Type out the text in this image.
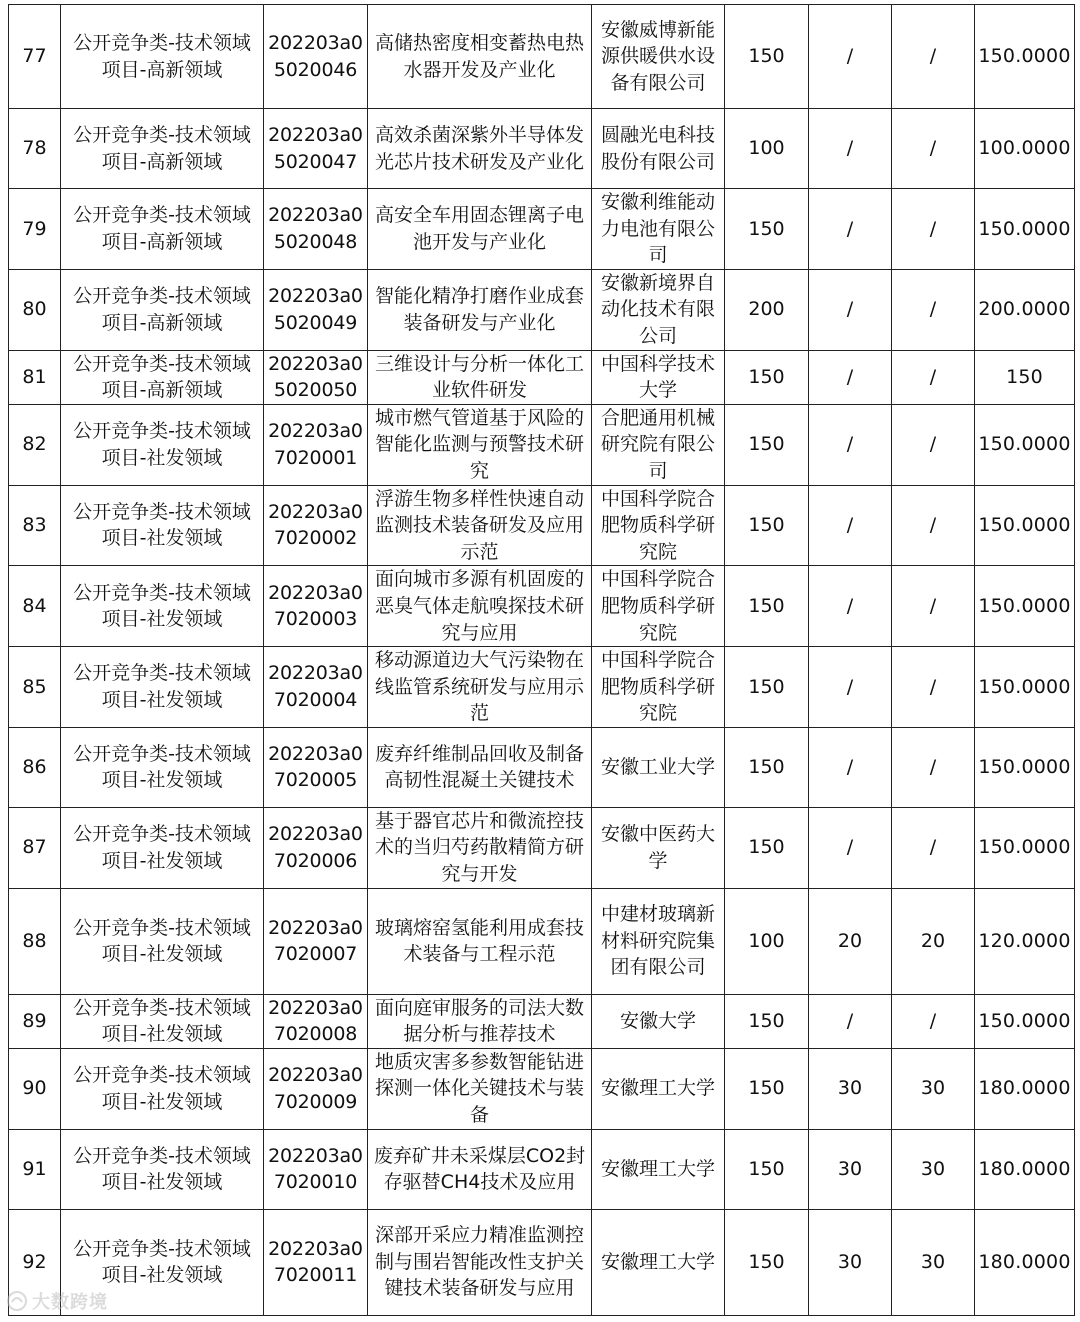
77	公开竞争类-技术领域项目-高新领域	202203a05020046	高储热密度相变蓄热电热水器开发及产业化	安徽威博新能源供暖供水设备有限公司	150	/	/	150.0000
78	公开竞争类-技术领域项目-高新领域	202203a05020047	高效杀菌深紫外半导体发光芯片技术研发及产业化	圆融光电科技股份有限公司	100	/	/	100.0000
79	公开竞争类-技术领域项目-高新领域	202203a05020048	高安全车用固态锂离子电池开发与产业化	安徽利维能动力电池有限公司	150	/	/	150.0000
80	公开竞争类-技术领域项目-高新领域	202203a05020049	智能化精净打磨作业成套装备研发与产业化	安徽新境界自动化技术有限公司	200	/	/	200.0000
81	公开竞争类-技术领域项目-高新领域	202203a05020050	三维设计与分析一体化工业软件研发	中国科学技术大学	150	/	/	150
82	公开竞争类-技术领域项目-社发领域	202203a07020001	城市燃气管道基于风险的智能化监测与预警技术研究	合肥通用机械研究院有限公司	150	/	/	150.0000
83	公开竞争类-技术领域项目-社发领域	202203a07020002	浮游生物多样性快速自动监测技术装备研发及应用示范	中国科学院合肥物质科学研究院	150	/	/	150.0000
84	公开竞争类-技术领域项目-社发领域	202203a07020003	面向城市多源有机固废的恶臭气体走航嗅探技术研究与应用	中国科学院合肥物质科学研究院	150	/	/	150.0000
85	公开竞争类-技术领域项目-社发领域	202203a07020004	移动源道边大气污染物在线监管系统研发与应用示范	中国科学院合肥物质科学研究院	150	/	/	150.0000
86	公开竞争类-技术领域项目-社发领域	202203a07020005	废弃纤维制品回收及制备高韧性混凝土关键技术	安徽工业大学	150	/	/	150.0000
87	公开竞争类-技术领域项目-社发领域	202203a07020006	基于器官芯片和微流控技术的当归芍药散精简方研究与开发	安徽中医药大学	150	/	/	150.0000
88	公开竞争类-技术领域项目-社发领域	202203a07020007	玻璃熔窑氢能利用成套技术装备与工程示范	中建材玻璃新材料研究院集团有限公司	100	20	20	120.0000
89	公开竞争类-技术领域项目-社发领域	202203a07020008	面向庭审服务的司法大数据分析与推荐技术	安徽大学	150	/	/	150.0000
90	公开竞争类-技术领域项目-社发领域	202203a07020009	地质灾害多参数智能钻进探测一体化关键技术与装备	安徽理工大学	150	30	30	180.0000
91	公开竞争类-技术领域项目-社发领域	202203a07020010	废弃矿井未采煤层CO2封存驱替CH4技术及应用	安徽理工大学	150	30	30	180.0000
92	公开竞争类-技术领域项目-社发领域	202203a07020011	深部开采应力精准监测控制与围岩智能改性支护关键技术装备研发与应用	安徽理工大学	150	30	30	180.0000
大数跨境
